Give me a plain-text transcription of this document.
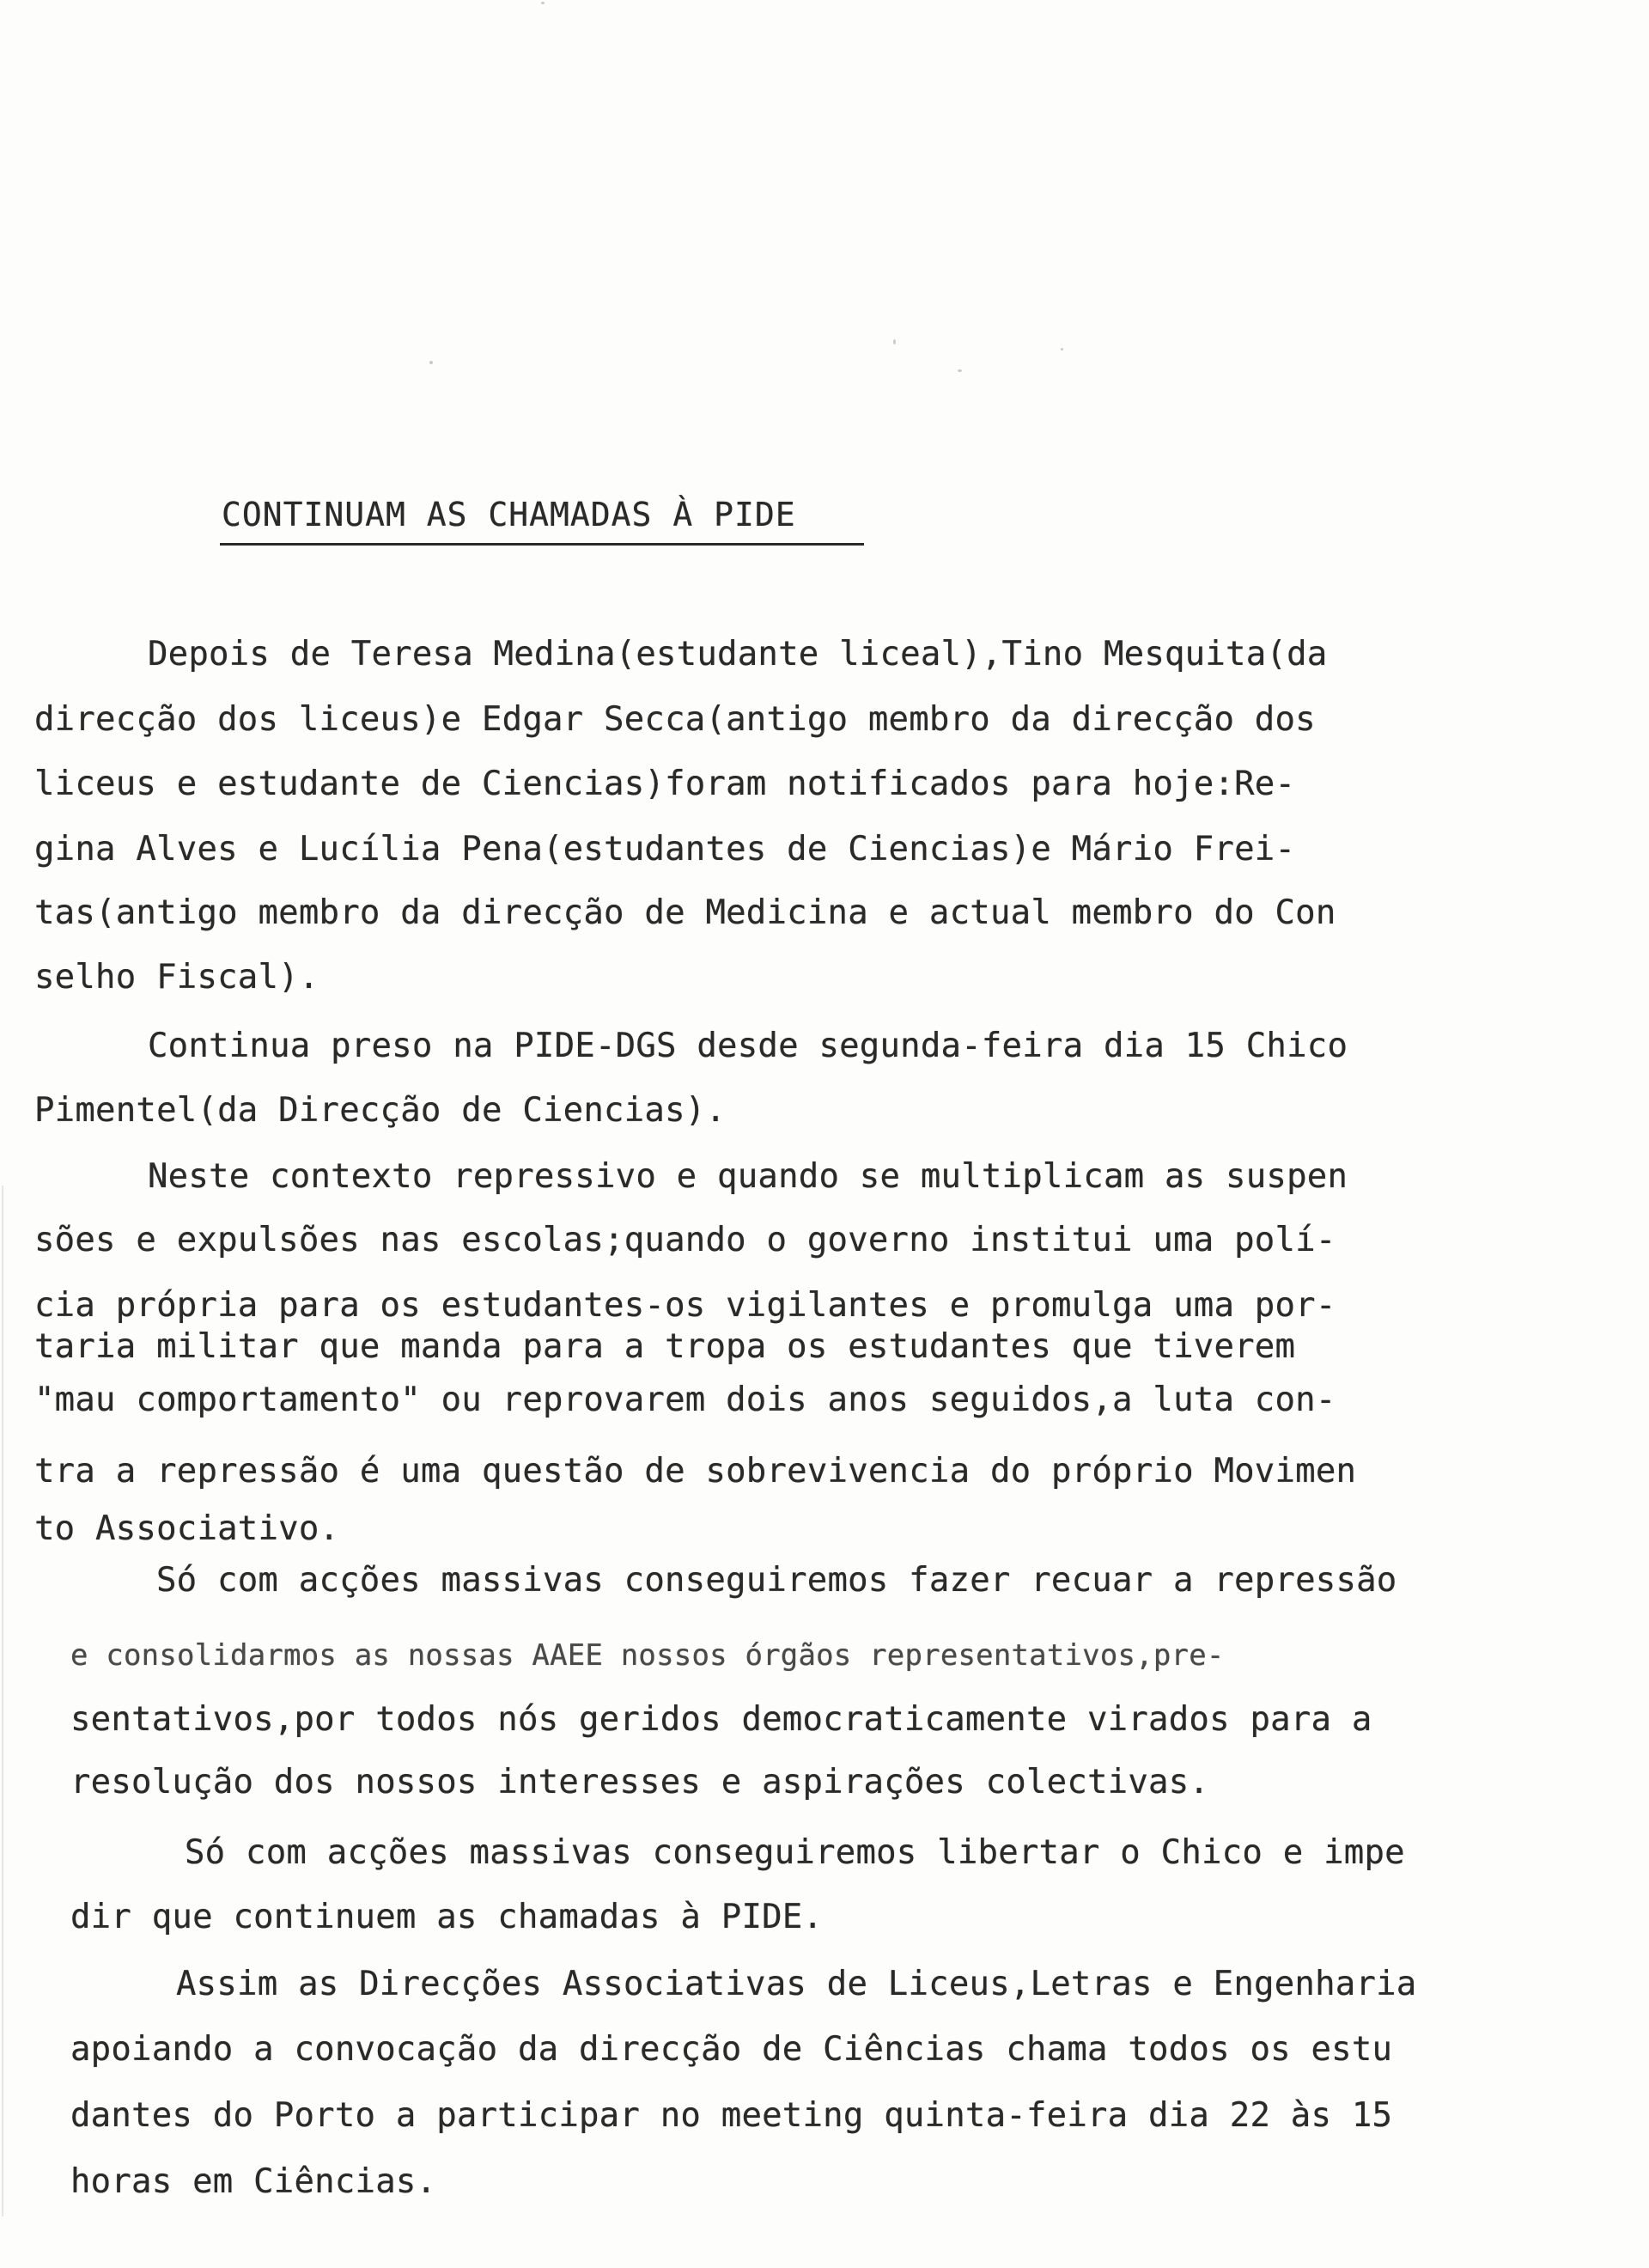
CONTINUAM AS CHAMADAS À PIDE
Depois de Teresa Medina(estudante liceal),Tino Mesquita(da
direcção dos liceus)e Edgar Secca(antigo membro da direcção dos
liceus e estudante de Ciencias)foram notificados para hoje:Re-
gina Alves e Lucília Pena(estudantes de Ciencias)e Mário Frei-
tas(antigo membro da direcção de Medicina e actual membro do Con
selho Fiscal).
Continua preso na PIDE-DGS desde segunda-feira dia 15 Chico
Pimentel(da Direcção de Ciencias).
Neste contexto repressivo e quando se multiplicam as suspen
sões e expulsões nas escolas;quando o governo institui uma polí-
cia própria para os estudantes-os vigilantes e promulga uma por-
taria militar que manda para a tropa os estudantes que tiverem
"mau comportamento" ou reprovarem dois anos seguidos,a luta con-
tra a repressão é uma questão de sobrevivencia do próprio Movimen
to Associativo.
Só com acções massivas conseguiremos fazer recuar a repressão
e consolidarmos as nossas AAEE nossos órgãos representativos,pre-
sentativos,por todos nós geridos democraticamente virados para a
resolução dos nossos interesses e aspirações colectivas.
Só com acções massivas conseguiremos libertar o Chico e impe
dir que continuem as chamadas à PIDE.
Assim as Direcções Associativas de Liceus,Letras e Engenharia
apoiando a convocação da direcção de Ciências chama todos os estu
dantes do Porto a participar no meeting quinta-feira dia 22 às 15
horas em Ciências.
